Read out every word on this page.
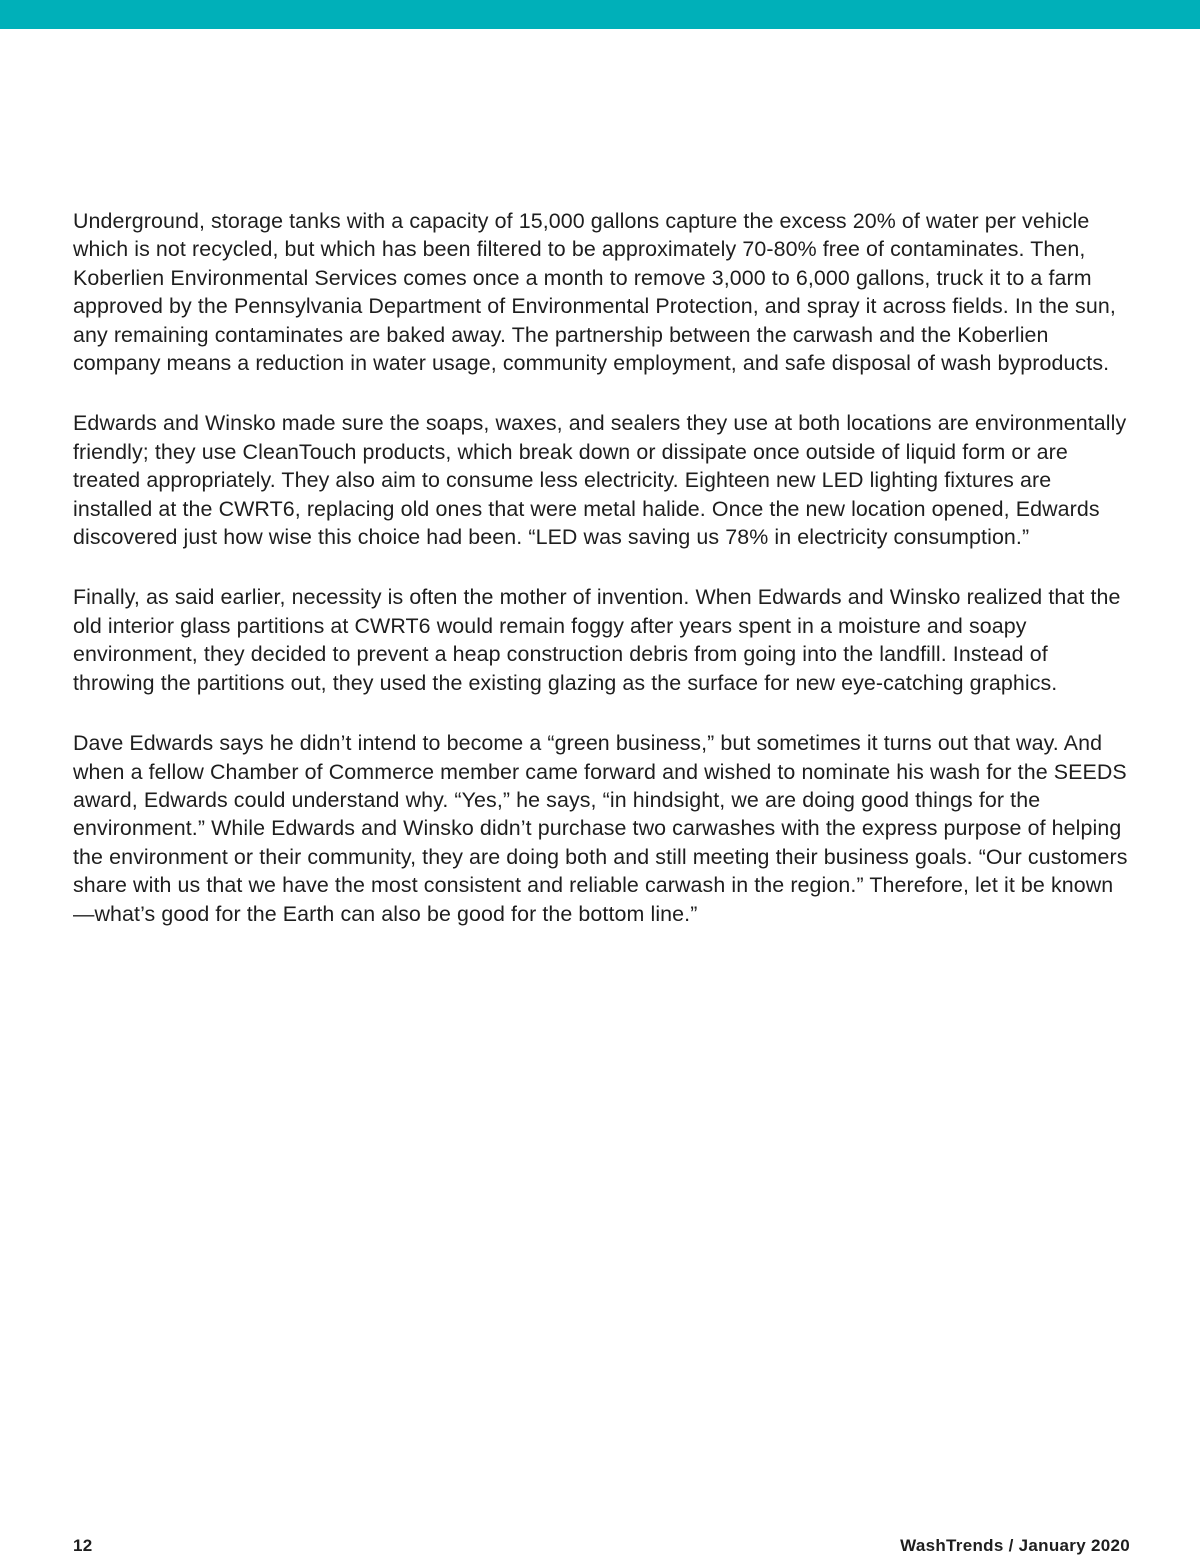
Underground, storage tanks with a capacity of 15,000 gallons capture the excess 20% of water per vehicle which is not recycled, but which has been filtered to be approximately 70-80% free of contaminates. Then, Koberlien Environmental Services comes once a month to remove 3,000 to 6,000 gallons, truck it to a farm approved by the Pennsylvania Department of Environmental Protection, and spray it across fields. In the sun, any remaining contaminates are baked away. The partnership between the carwash and the Koberlien company means a reduction in water usage, community employment, and safe disposal of wash byproducts.

Edwards and Winsko made sure the soaps, waxes, and sealers they use at both locations are environmentally friendly; they use CleanTouch products, which break down or dissipate once outside of liquid form or are treated appropriately. They also aim to consume less electricity. Eighteen new LED lighting fixtures are installed at the CWRT6, replacing old ones that were metal halide. Once the new location opened, Edwards discovered just how wise this choice had been. “LED was saving us 78% in electricity consumption.”

Finally, as said earlier, necessity is often the mother of invention. When Edwards and Winsko realized that the old interior glass partitions at CWRT6 would remain foggy after years spent in a moisture and soapy environment, they decided to prevent a heap construction debris from going into the landfill. Instead of throwing the partitions out, they used the existing glazing as the surface for new eye-catching graphics.

Dave Edwards says he didn’t intend to become a “green business,” but sometimes it turns out that way. And when a fellow Chamber of Commerce member came forward and wished to nominate his wash for the SEEDS award, Edwards could understand why. “Yes,” he says, “in hindsight, we are doing good things for the environment.” While Edwards and Winsko didn’t purchase two carwashes with the express purpose of helping the environment or their community, they are doing both and still meeting their business goals. “Our customers share with us that we have the most consistent and reliable carwash in the region.” Therefore, let it be known—what’s good for the Earth can also be good for the bottom line.”

12	WashTrends / January 2020
